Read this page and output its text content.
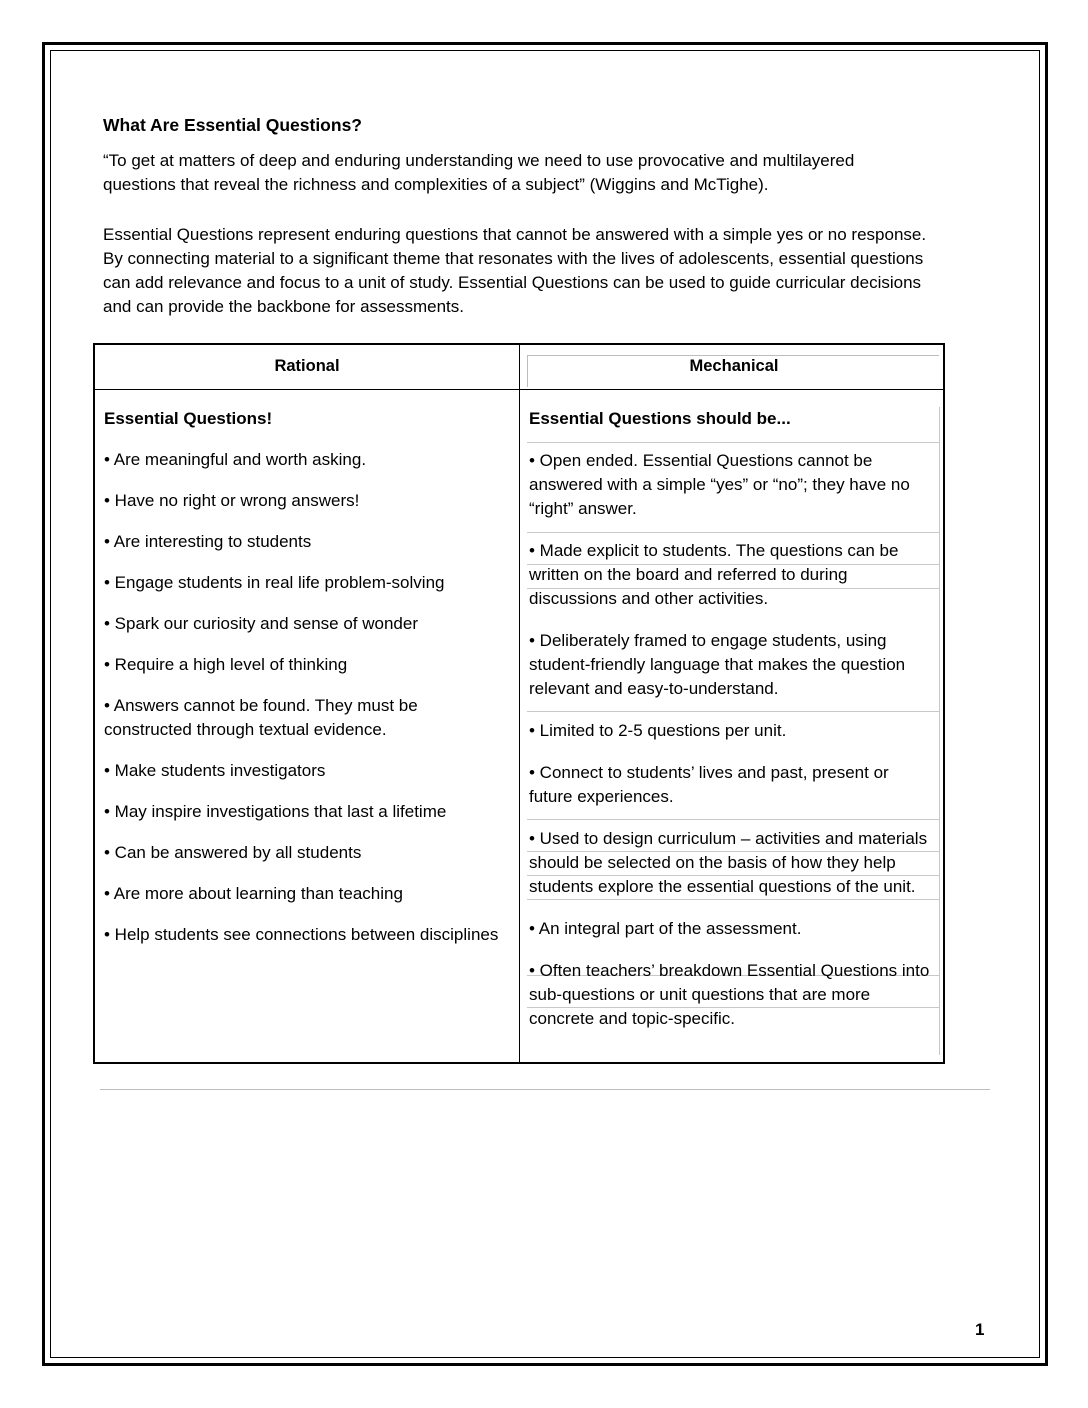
What Are Essential Questions?
“To get at matters of deep and enduring understanding we need to use provocative and multilayered
questions that reveal the richness and complexities of a subject” (Wiggins and McTighe).
Essential Questions represent enduring questions that cannot be answered with a simple yes or no response.
By connecting material to a significant theme that resonates with the lives of adolescents, essential questions
can add relevance and focus to a unit of study. Essential Questions can be used to guide curricular decisions
and can provide the backbone for assessments.
Rational	Mechanical

Essential Questions!

• Are meaningful and worth asking.

• Have no right or wrong answers!

• Are interesting to students

• Engage students in real life problem-solving

• Spark our curiosity and sense of wonder

• Require a high level of thinking

• Answers cannot be found. They must be constructed through textual evidence.

• Make students investigators

• May inspire investigations that last a lifetime

• Can be answered by all students

• Are more about learning than teaching

• Help students see connections between disciplines

Essential Questions should be...

• Open ended. Essential Questions cannot be answered with a simple “yes” or “no”; they have no “right” answer.

• Made explicit to students. The questions can be written on the board and referred to during discussions and other activities.

• Deliberately framed to engage students, using student-friendly language that makes the question relevant and easy-to-understand.

• Limited to 2-5 questions per unit.

• Connect to students’ lives and past, present or future experiences.

• Used to design curriculum – activities and materials should be selected on the basis of how they help students explore the essential questions of the unit.

• An integral part of the assessment.

• Often teachers’ breakdown Essential Questions into sub-questions or unit questions that are more concrete and topic-specific.

1
